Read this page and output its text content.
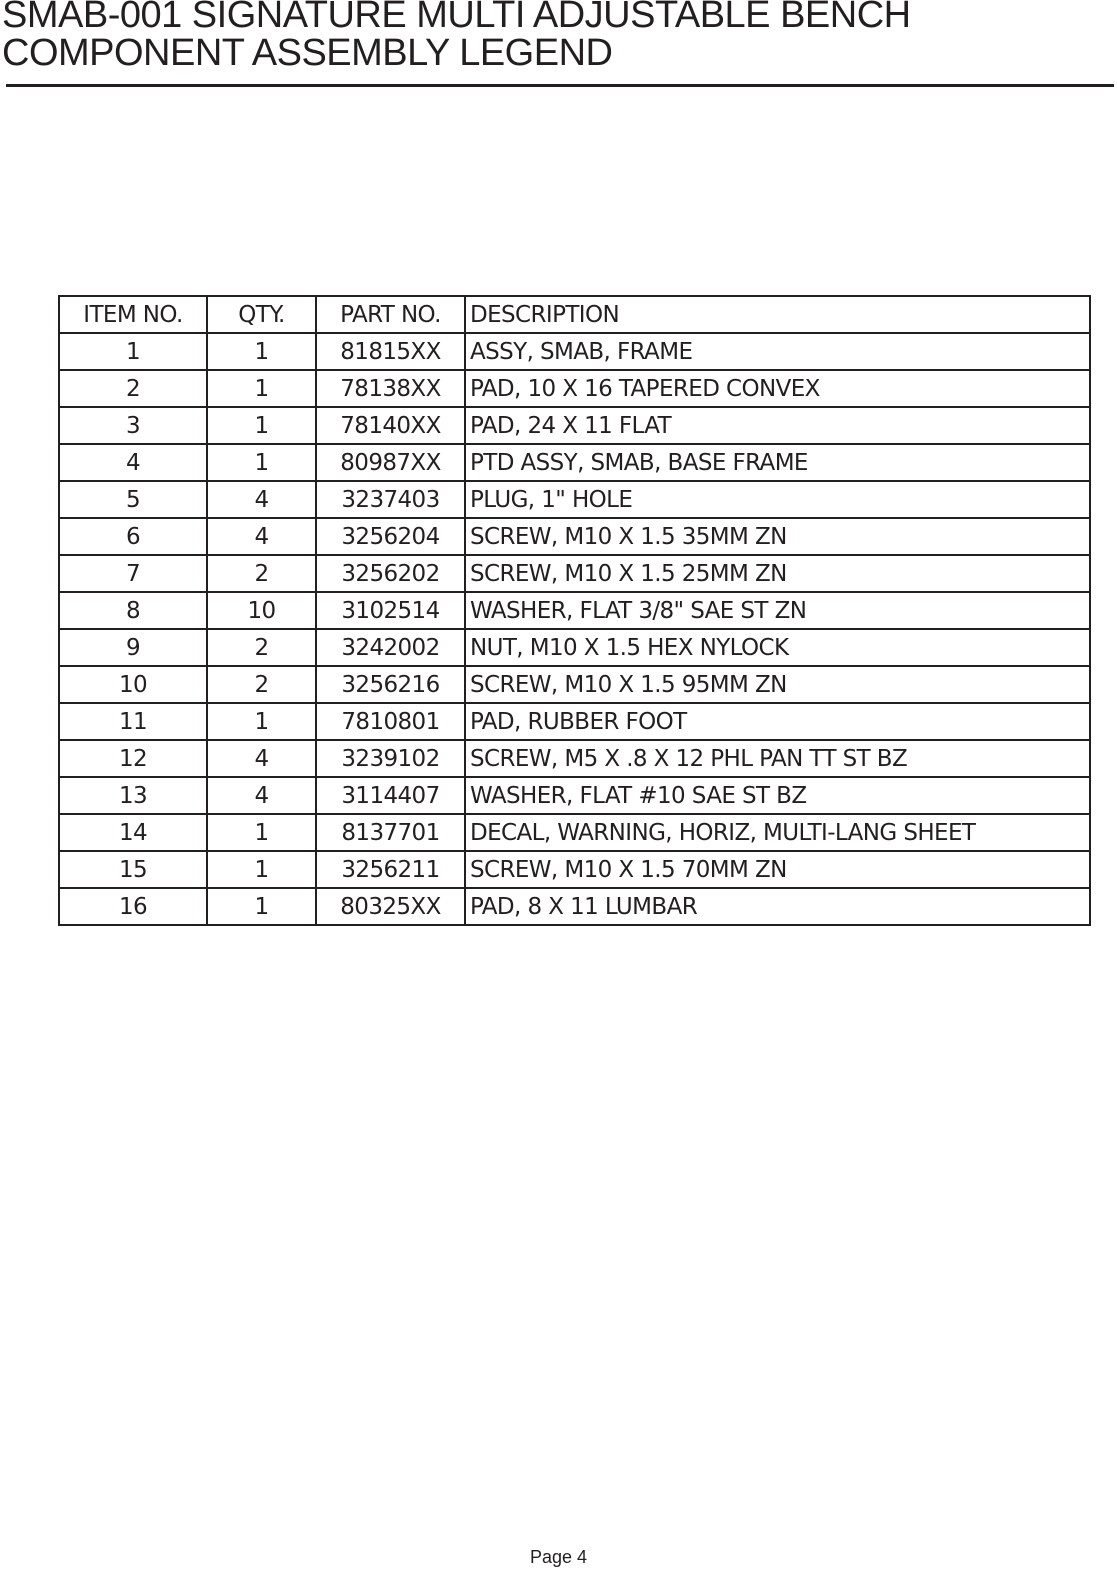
SMAB-001 SIGNATURE MULTI ADJUSTABLE BENCH
COMPONENT ASSEMBLY LEGEND
ITEM NO.	QTY.	PART NO.	DESCRIPTION
1	1	81815XX	ASSY, SMAB, FRAME
2	1	78138XX	PAD, 10 X 16 TAPERED CONVEX
3	1	78140XX	PAD, 24 X 11 FLAT
4	1	80987XX	PTD ASSY, SMAB, BASE FRAME
5	4	3237403	PLUG, 1" HOLE
6	4	3256204	SCREW, M10 X 1.5 35MM ZN
7	2	3256202	SCREW, M10 X 1.5 25MM ZN
8	10	3102514	WASHER, FLAT 3/8" SAE ST ZN
9	2	3242002	NUT, M10 X 1.5 HEX NYLOCK
10	2	3256216	SCREW, M10 X 1.5 95MM ZN
11	1	7810801	PAD, RUBBER FOOT
12	4	3239102	SCREW, M5 X .8 X 12 PHL PAN TT ST BZ
13	4	3114407	WASHER, FLAT #10 SAE ST BZ
14	1	8137701	DECAL, WARNING, HORIZ, MULTI-LANG SHEET
15	1	3256211	SCREW, M10 X 1.5 70MM ZN
16	1	80325XX	PAD, 8 X 11 LUMBAR
Page 4
